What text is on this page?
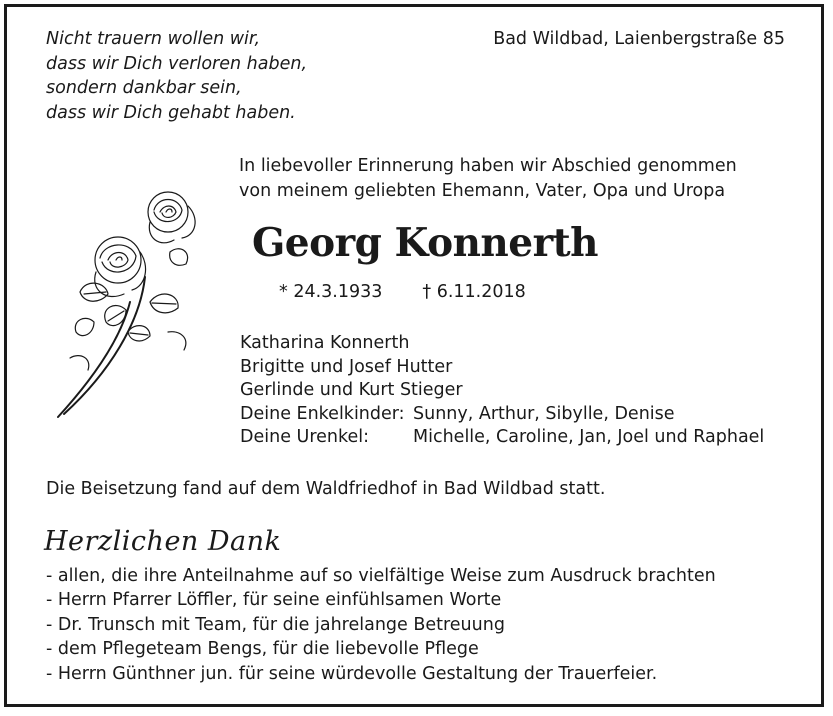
Nicht trauern wollen wir,
dass wir Dich verloren haben,
sondern dankbar sein,
dass wir Dich gehabt haben.
Bad Wildbad, Laienbergstraße 85
In liebevoller Erinnerung haben wir Abschied genommen
von meinem geliebten Ehemann, Vater, Opa und Uropa
Georg Konnerth
* 24.3.1933 † 6.11.2018
Katharina Konnerth
Brigitte und Josef Hutter
Gerlinde und Kurt Stieger
Deine Enkelkinder: Sunny, Arthur, Sibylle, Denise
Deine Urenkel:	Michelle, Caroline, Jan, Joel und Raphael
Die Beisetzung fand auf dem Waldfriedhof in Bad Wildbad statt.
Herzlichen Dank
- allen, die ihre Anteilnahme auf so vielfältige Weise zum Ausdruck brachten
- Herrn Pfarrer Löffler, für seine einfühlsamen Worte
- Dr. Trunsch mit Team, für die jahrelange Betreuung
- dem Pflegeteam Bengs, für die liebevolle Pflege
- Herrn Günthner jun. für seine würdevolle Gestaltung der Trauerfeier.
